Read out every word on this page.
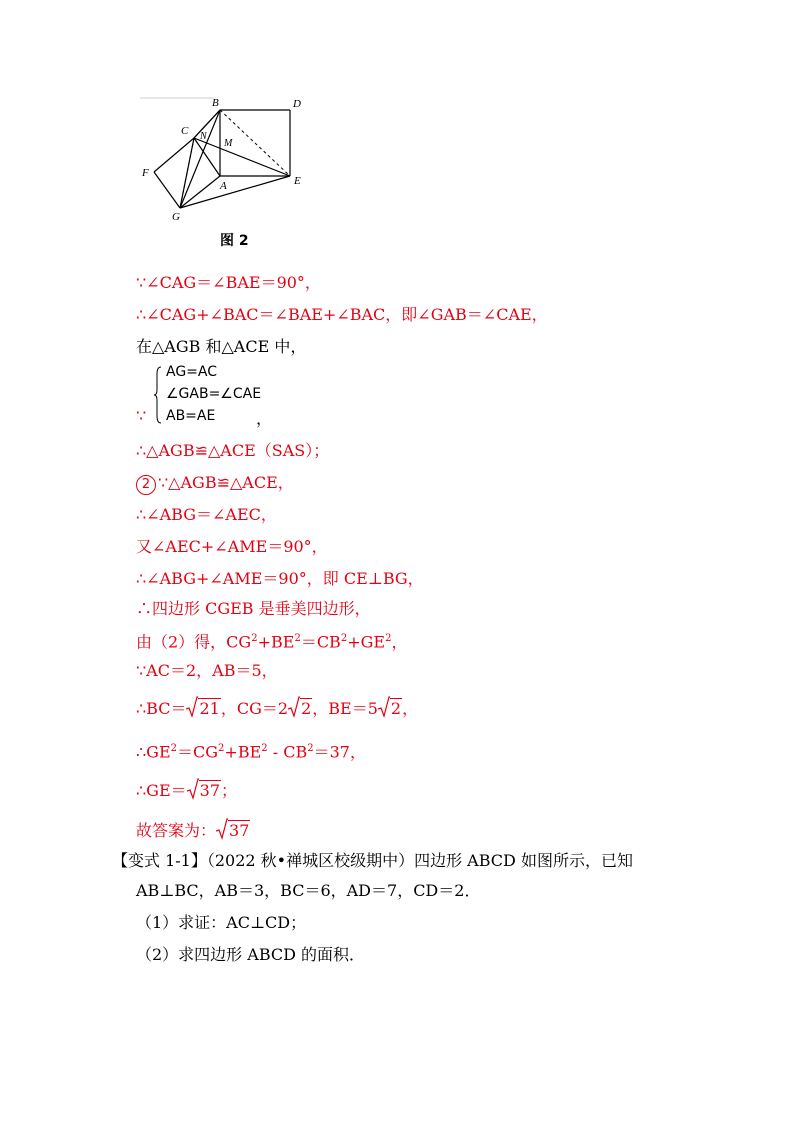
B	D
C N
M
F
A	E
G
图 2
∵∠CAG＝∠BAE＝90°，
∴∠CAG+∠BAC＝∠BAE+∠BAC，即∠GAB＝∠CAE，
在△AGB 和△ACE 中，
AG=AC
∠GAB=∠CAE
AB=AE
∵	，
∴△AGB≌△ACE（SAS）；
2 ∵△AGB≌△ACE，
∴∠ABG＝∠AEC，
又∠AEC+∠AME＝90°，
∴∠ABG+∠AME＝90°，即 CE⊥BG，
∴四边形 CGEB 是垂美四边形，
由（2）得，$CG^2+BE^2=CB^2+GE^2$，
∵AC＝2，AB＝5，
∴BC＝ 21，CG＝2 2，BE＝5 2，
$\therefore GE^2=CG^2+BE^2 - CB^2=37$，
∴GE＝ 37；
故答案为： 37
【变式 1-1】（2022 秋•禅城区校级期中）四边形 ABCD 如图所示，已知
AB⊥BC，AB＝3，BC＝6，AD＝7，CD＝2．
（1）求证：AC⊥CD；
（2）求四边形 ABCD 的面积．
